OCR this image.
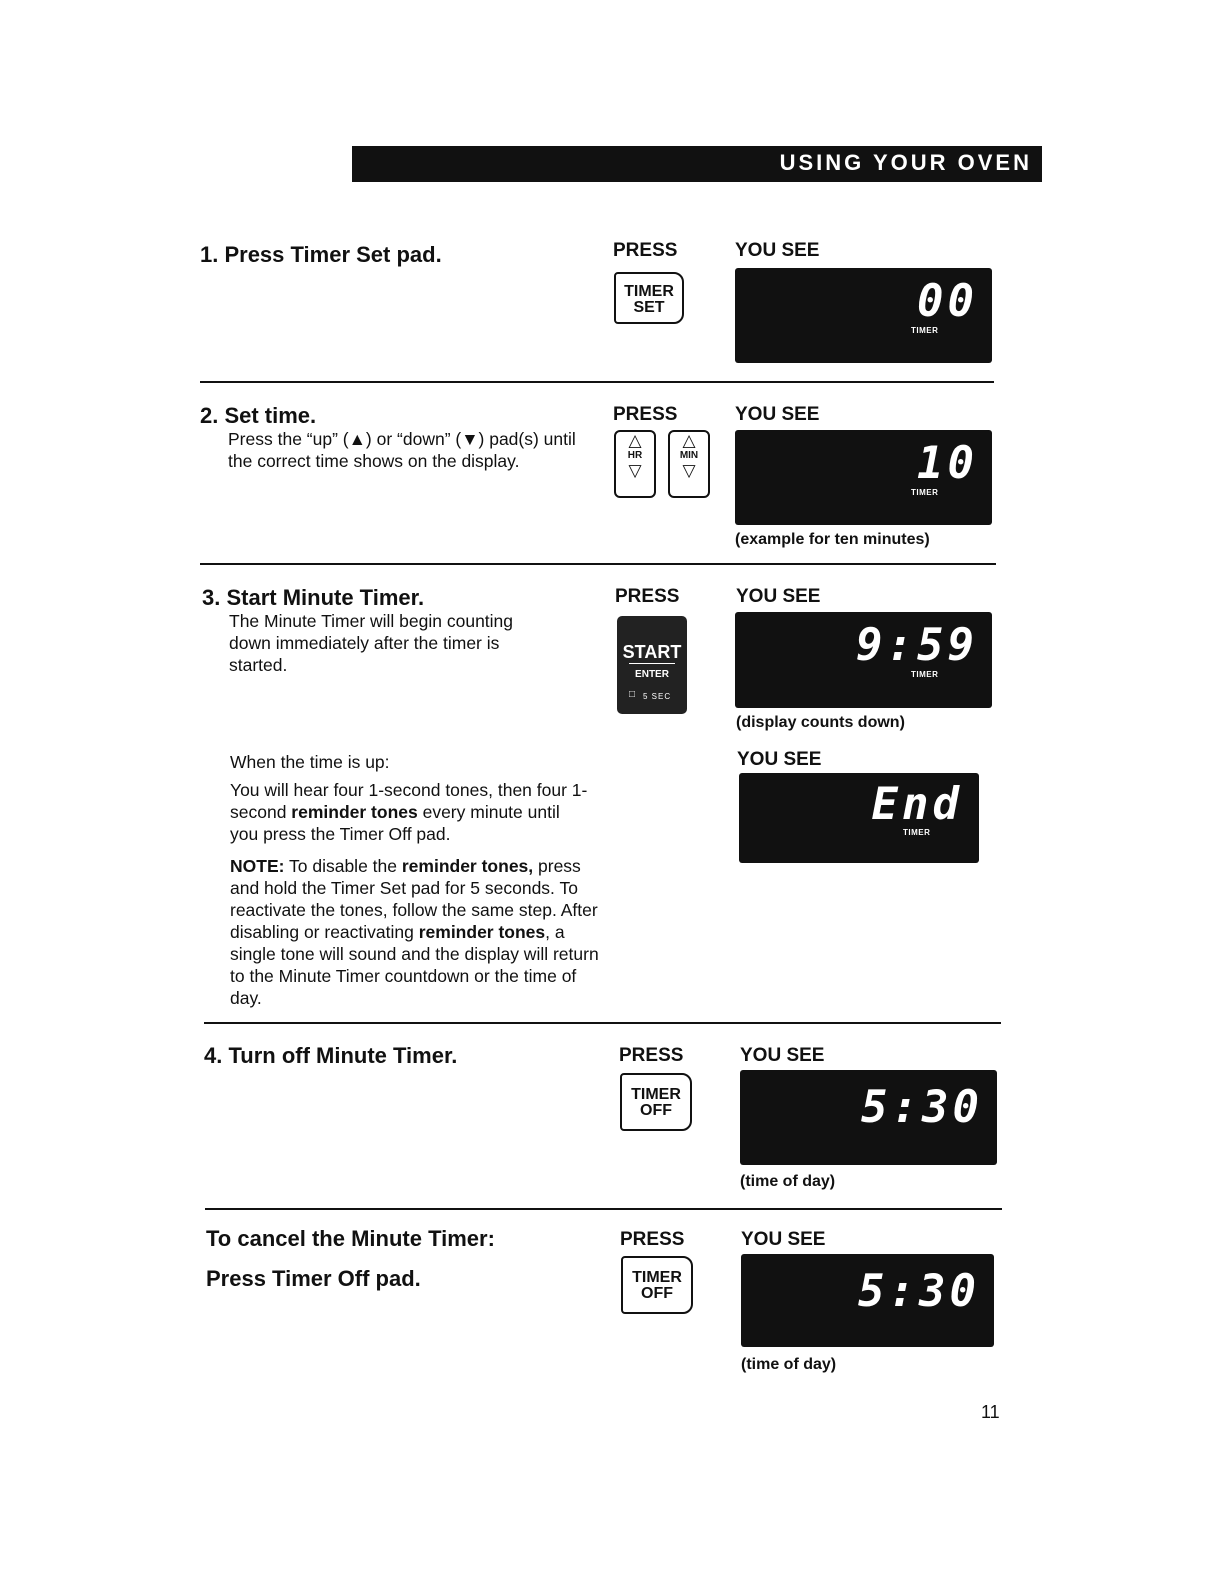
USING YOUR OVEN
1. Press Timer Set pad.	PRESS	YOU SEE
TIMER
SET	00
TIMER
2. Set time.
Press the “up” (▲) or “down” (▼) pad(s) until the correct time shows on the display.
PRESS	YOU SEE
△
HR
▽
△
MIN
▽	10
TIMER
(example for ten minutes)
3. Start Minute Timer.
The Minute Timer will begin counting down immediately after the timer is started.
PRESS	YOU SEE
START
ENTER
□ 5 SEC
9:59
TIMER
(display counts down)
When the time is up:
You will hear four 1-second tones, then four 1-second reminder tones every minute until you press the Timer Off pad.
NOTE: To disable the reminder tones, press and hold the Timer Set pad for 5 seconds. To reactivate the tones, follow the same step. After disabling or reactivating reminder tones, a single tone will sound and the display will return to the Minute Timer countdown or the time of day.
YOU SEE
End
TIMER
4. Turn off Minute Timer.	PRESS	YOU SEE
TIMER
OFF	5:30
(time of day)
To cancel the Minute Timer:
Press Timer Off pad.
PRESS	YOU SEE
TIMER
OFF	5:30
(time of day)
11
